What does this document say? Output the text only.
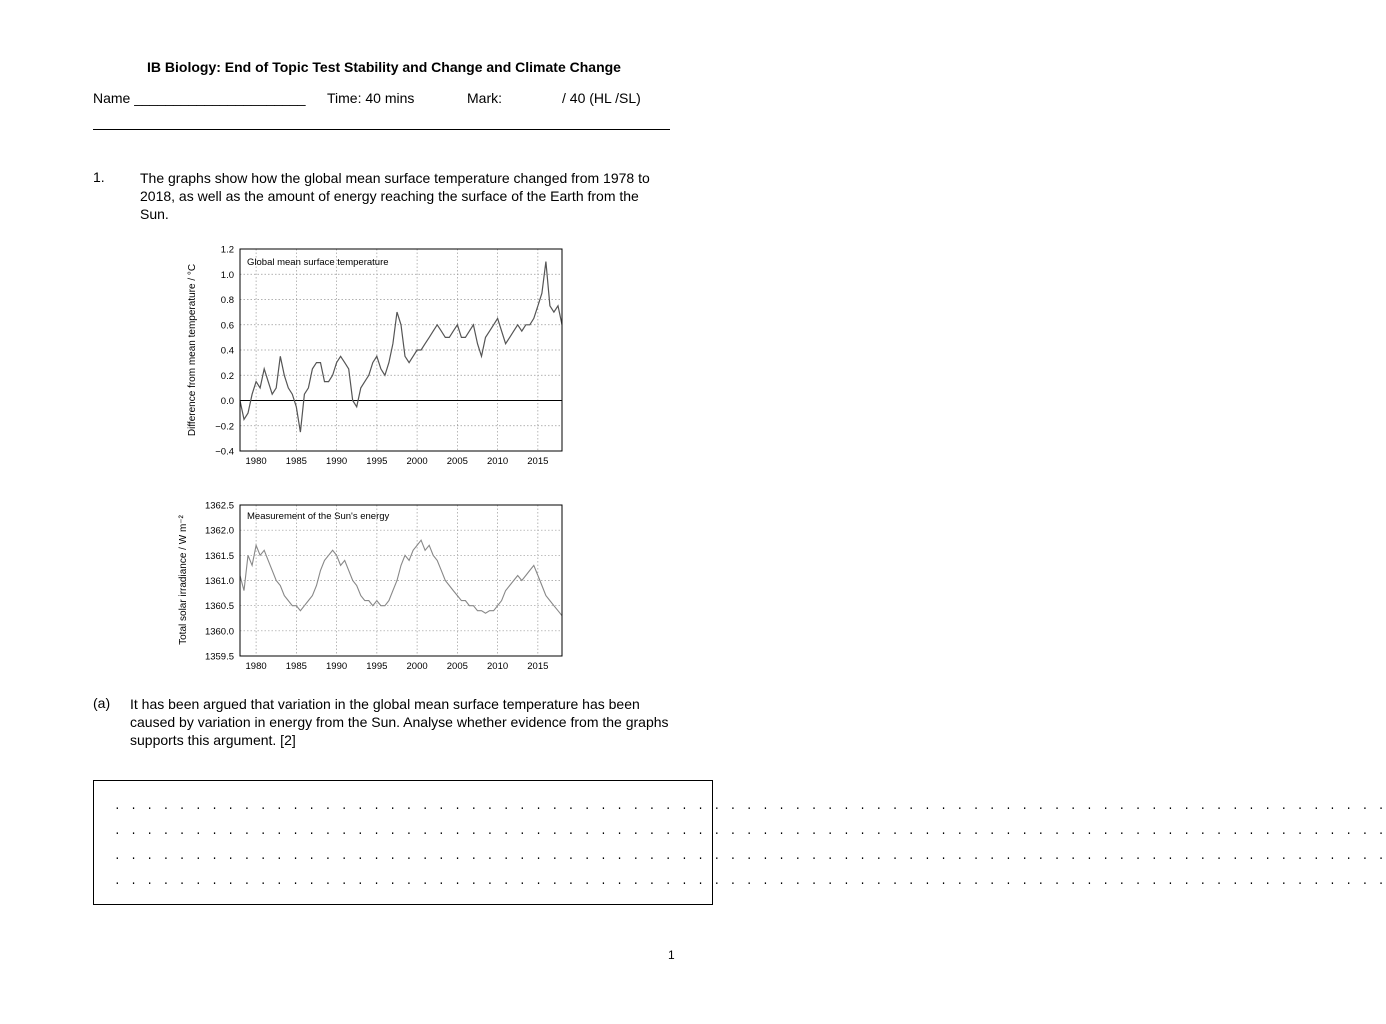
IB Biology: End of Topic Test Stability and Change and Climate Change
Name ______________________ Time: 40 mins	Mark:	/ 40 (HL /SL)
1.	The graphs show how the global mean surface temperature changed from 1978 to 2018, as well as the amount of energy reaching the surface of the Earth from the Sun.
−0.4
−0.2
0.0
0.2
0.4
0.6
0.8
1.0
1.2
1980 1985 1990 1995 2000 2005 2010 2015
Global mean surface temperature
Difference from mean temperature / °C
1359.5
1360.0
1360.5
1361.0
1361.5
1362.0
1362.5
1980 1985 1990 1995 2000 2005 2010 2015
Measurement of the Sun's energy
Total solar irradiance / W m⁻²
(a) It has been argued that variation in the global mean surface temperature has been caused by variation in energy from the Sun. Analyse whether evidence from the graphs supports this argument. [2]
. . . . . . . . . . . . . . . . . . . . . . . . . . . . . . . . . . . . . . . . . . . . . . . . . . . . . . . . . . . . . . . . . . . . . . . . . . . . . . .
. . . . . . . . . . . . . . . . . . . . . . . . . . . . . . . . . . . . . . . . . . . . . . . . . . . . . . . . . . . . . . . . . . . . . . . . . . . . . . .
. . . . . . . . . . . . . . . . . . . . . . . . . . . . . . . . . . . . . . . . . . . . . . . . . . . . . . . . . . . . . . . . . . . . . . . . . . . . . . .
. . . . . . . . . . . . . . . . . . . . . . . . . . . . . . . . . . . . . . . . . . . . . . . . . . . . . . . . . . . . . . . . . . . . . . . . . . . . . . .
1
